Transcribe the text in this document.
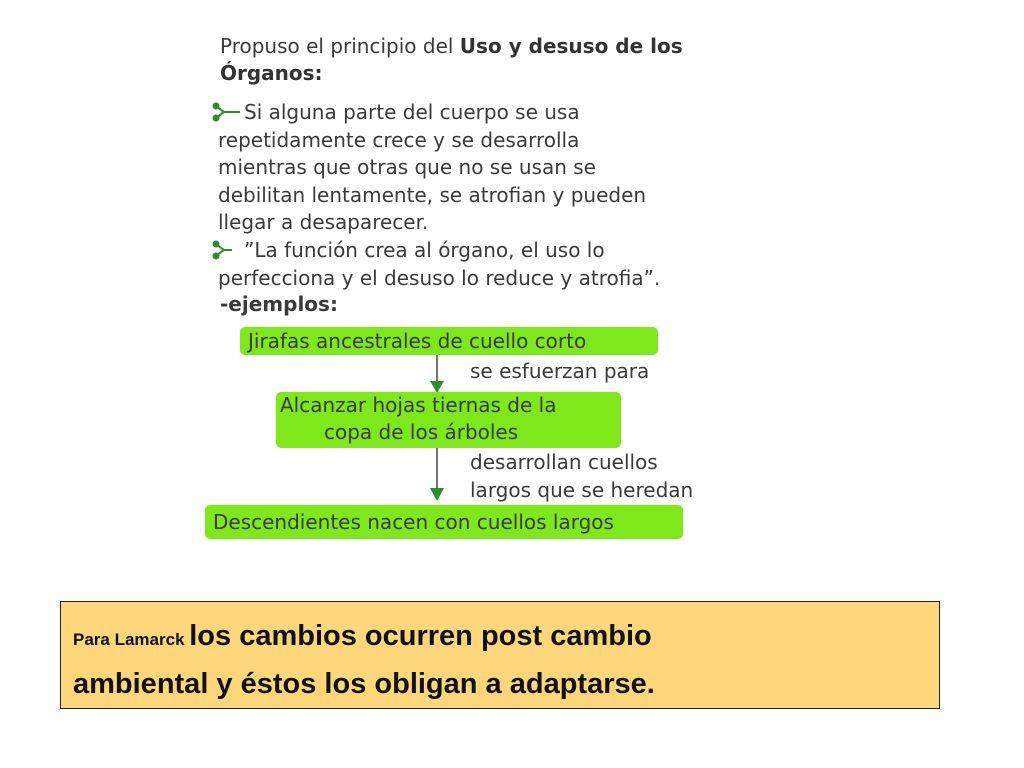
Propuso el principio del Uso y desuso de los Órganos:

Si alguna parte del cuerpo se usa
repetidamente crece y se desarrolla
mientras que otras que no se usan se
debilitan lentamente, se atrofian y pueden
llegar a desaparecer.
”La función crea al órgano, el uso lo
perfecciona y el desuso lo reduce y atrofia”.

-ejemplos:

Jirafas ancestrales de cuello corto
se esfuerzan para
Alcanzar hojas tiernas de la
copa de los árboles
desarrollan cuellos
largos que se heredan
Descendientes nacen con cuellos largos
Para Lamarck los cambios ocurren post cambio
ambiental y éstos los obligan a adaptarse.
